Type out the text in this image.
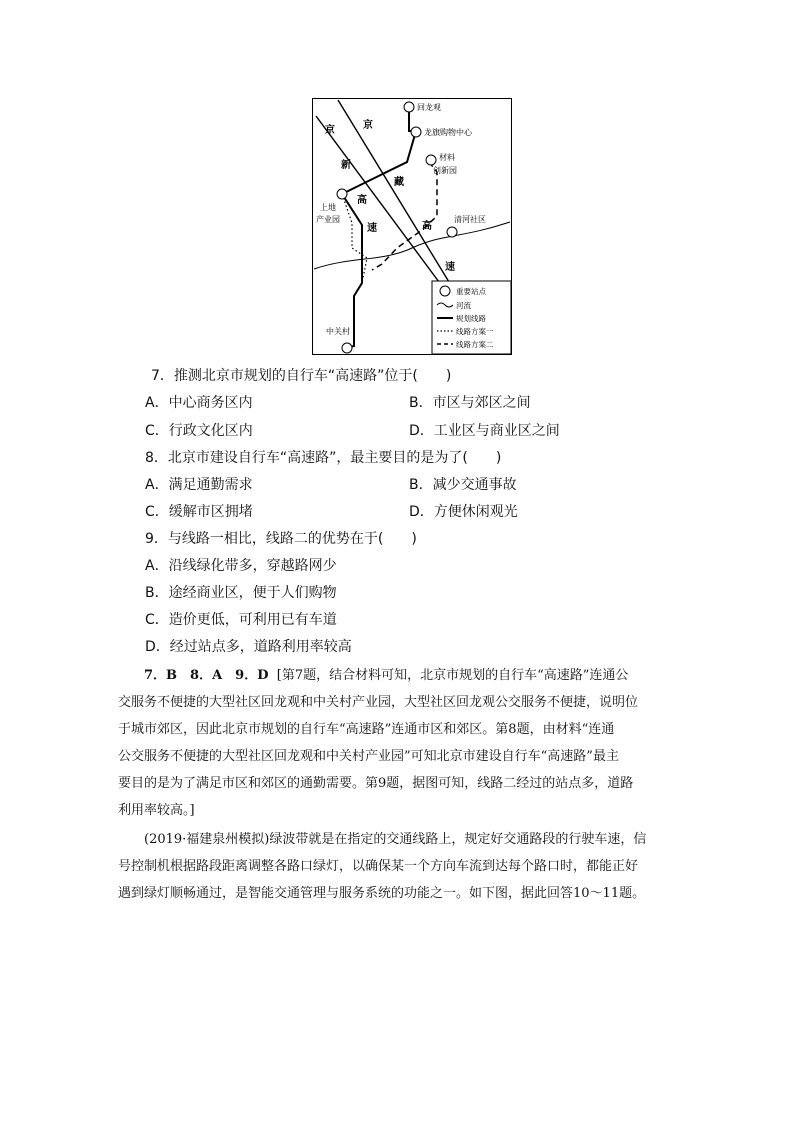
回龙观
龙旗购物中心
材料
创新园
上地
产业园	清河社区
中关村
京	京
新
藏
高
速	高
速
重要站点
河流
规划线路
线路方案一
线路方案二
7．推测北京市规划的自行车“高速路”位于(　　)
A．中心商务区内	B．市区与郊区之间
C．行政文化区内	D．工业区与商业区之间
8．北京市建设自行车“高速路”，最主要目的是为了(　　)
A．满足通勤需求	B．减少交通事故
C．缓解市区拥堵	D．方便休闲观光
9．与线路一相比，线路二的优势在于(　　)
A．沿线绿化带多，穿越路网少
B．途经商业区，便于人们购物
C．造价更低，可利用已有车道
D．经过站点多，道路利用率较高

7．B　8．A　9．D [第7题，结合材料可知，北京市规划的自行车“高速路”连通公

交服务不便捷的大型社区回龙观和中关村产业园，大型社区回龙观公交服务不便捷，说明位

于城市郊区，因此北京市规划的自行车“高速路”连通市区和郊区。第8题，由材料“连通

公交服务不便捷的大型社区回龙观和中关村产业园”可知北京市建设自行车“高速路”最主

要目的是为了满足市区和郊区的通勤需要。第9题，据图可知，线路二经过的站点多，道路

利用率较高。]

(2019·福建泉州模拟)绿波带就是在指定的交通线路上，规定好交通路段的行驶车速，信

号控制机根据路段距离调整各路口绿灯，以确保某一个方向车流到达每个路口时，都能正好

遇到绿灯顺畅通过，是智能交通管理与服务系统的功能之一。如下图，据此回答10～11题。
